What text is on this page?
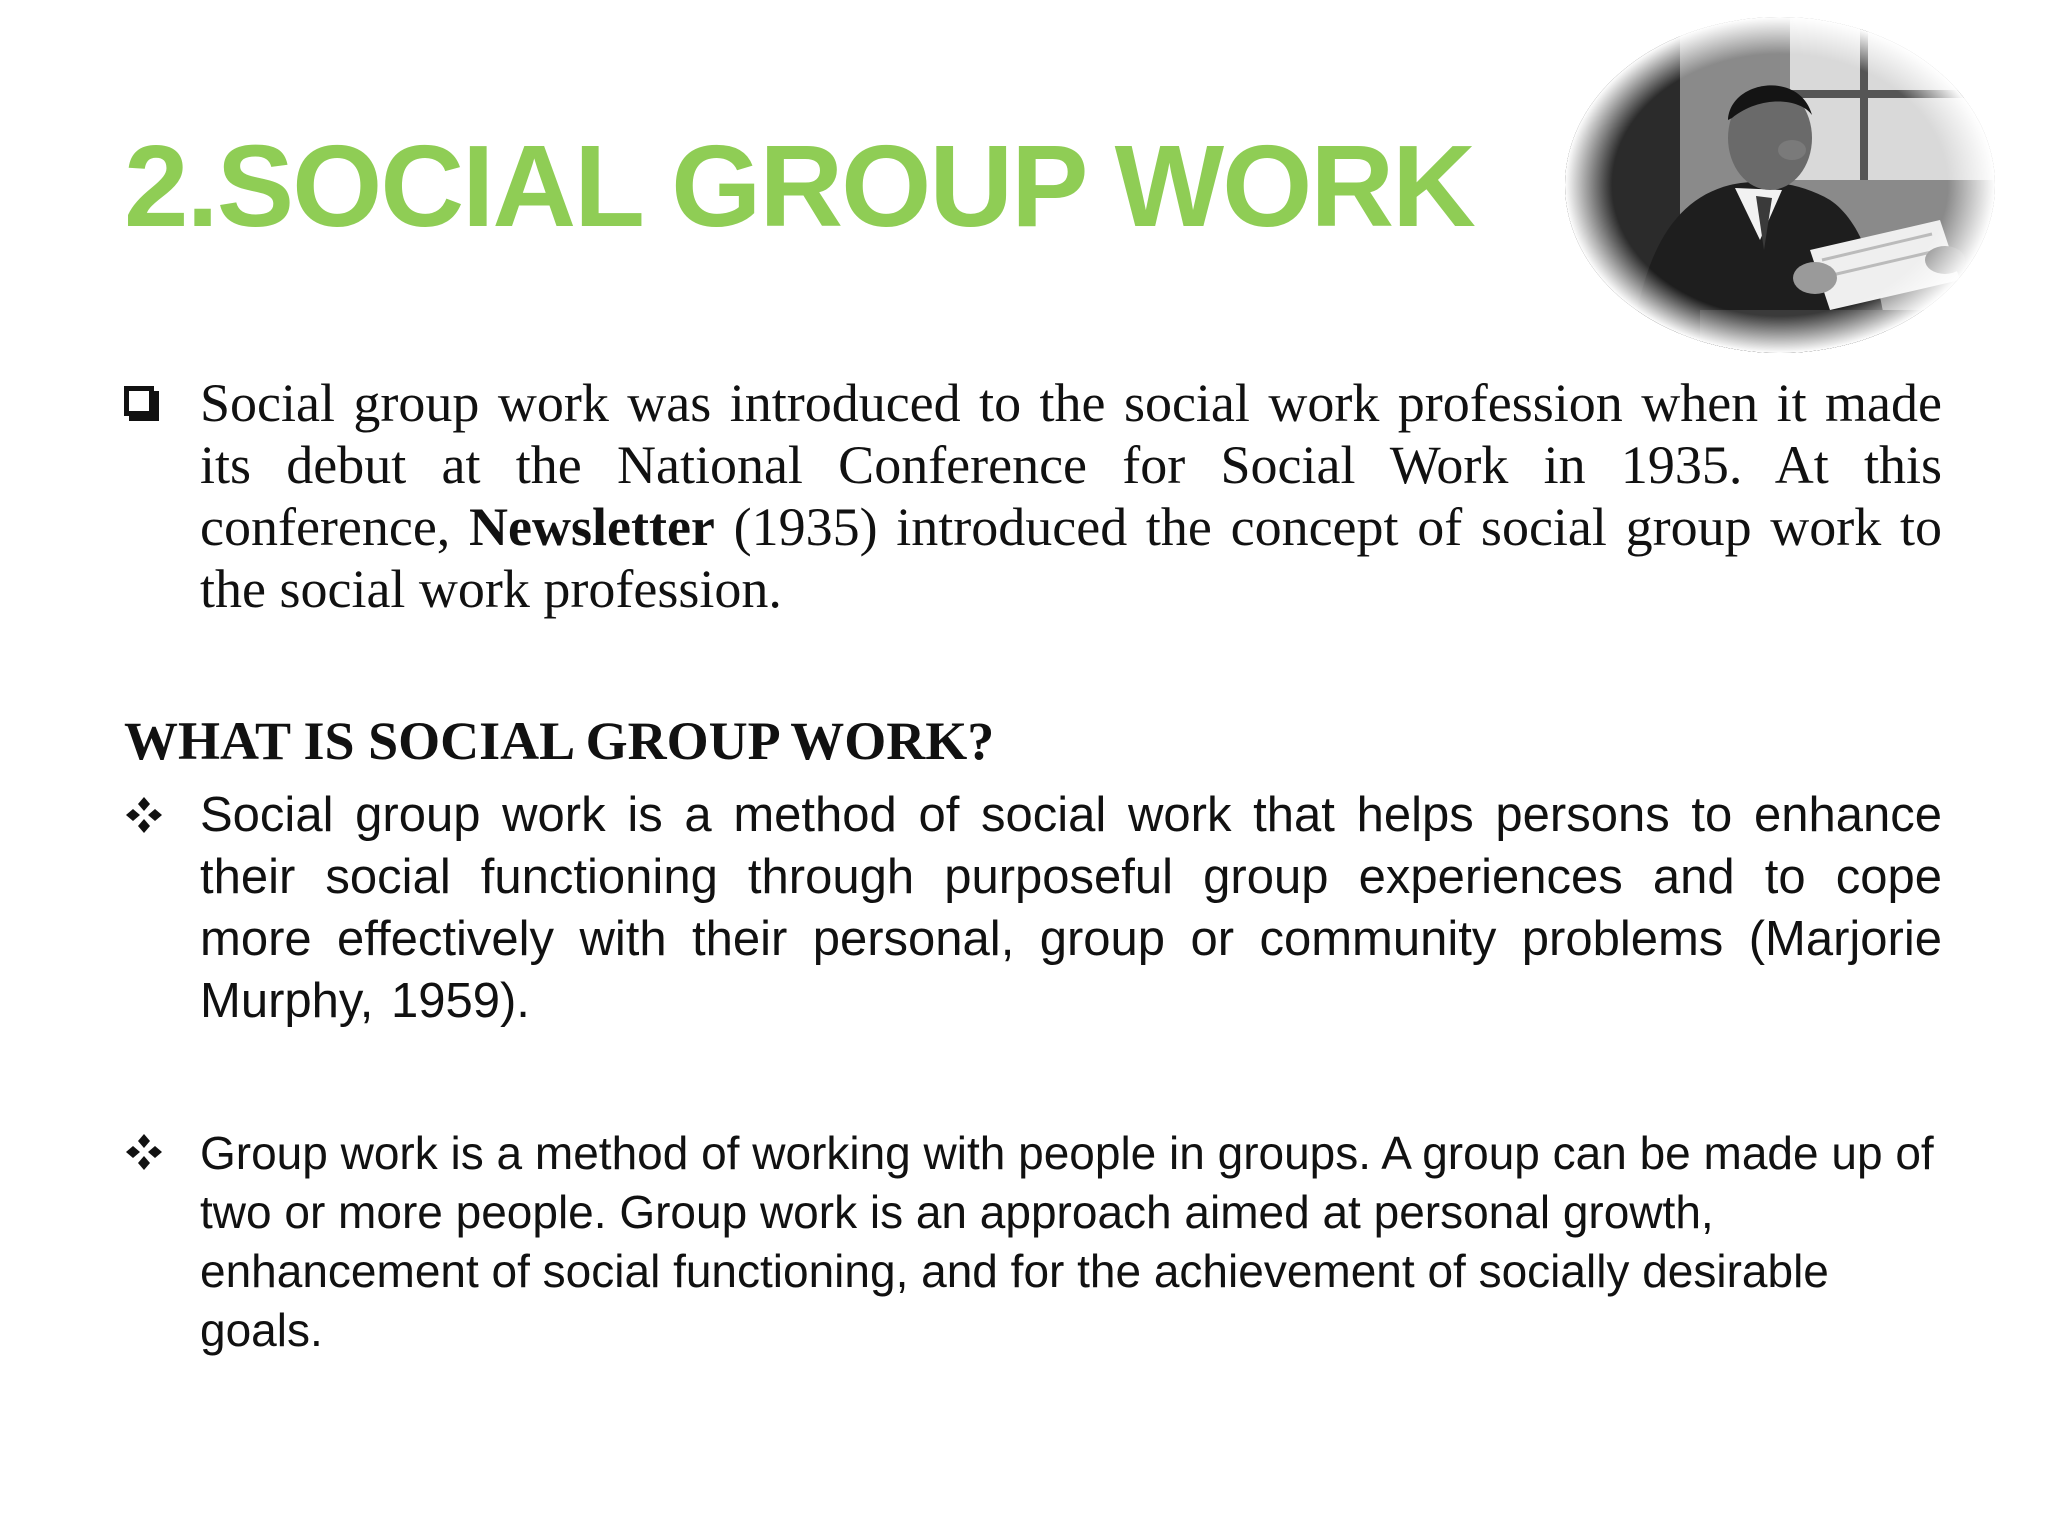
2.SOCIAL GROUP WORK

Social group work was introduced to the social work profession when it made its debut at the National Conference for Social Work in 1935. At this conference, Newsletter (1935) introduced the concept of social group work to the social work profession.

WHAT IS SOCIAL GROUP WORK?

Social group work is a method of social work that helps persons to enhance their social functioning through purposeful group experiences and to cope more effectively with their personal, group or community problems (Marjorie Murphy, 1959).

Group work is a method of working with people in groups. A group can be made up of two or more people. Group work is an approach aimed at personal growth, enhancement of social functioning, and for the achievement of socially desirable goals.
